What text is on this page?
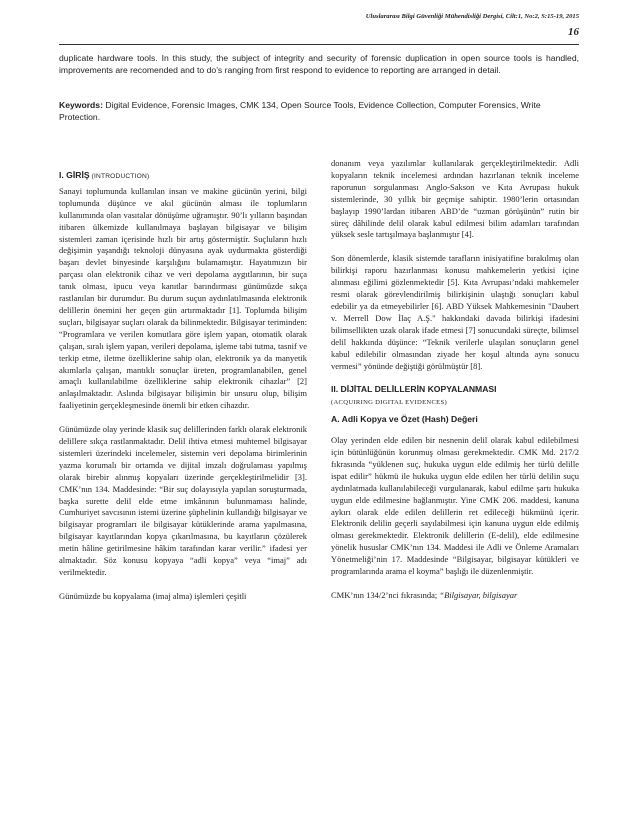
Uluslararası Bilgi Güvenliği Mühendisliği Dergisi, Cilt:1, No:2, S:15-19, 2015
16
duplicate hardware tools. In this study, the subject of integrity and security of forensic duplication in open source tools is handled, improvements are recomended and to do’s ranging from first respond to evidence to reporting are arranged in detail.
Keywords: Digital Evidence, Forensic Images, CMK 134, Open Source Tools, Evidence Collection, Computer Forensics, Write Protection.
I. GİRİŞ (INTRODUCTION)

Sanayi toplumunda kullanılan insan ve makine gücünün yerini, bilgi toplumunda düşünce ve akıl gücünün alması ile toplumların kullanımında olan vasıtalar dönüşüme uğramıştır. 90’lı yılların başından itibaren ülkemizde kullanılmaya başlayan bilgisayar ve bilişim sistemleri zaman içerisinde hızlı bir artış göstermiştir. Suçluların hızlı değişimin yaşandığı teknoloji dünyasına ayak uydurmakta gösterdiği başarı devlet binyesinde karşılığını bulamamıştır. Hayatımızın bir parçası olan elektronik cihaz ve veri depolama aygıtlarının, bir suça tanık olması, ipucu veya kanıtlar barındırması günümüzde sıkça rastlanılan bir durumdur. Bu durum suçun aydınlatılmasında elektronik delillerin önemini her geçen gün artırmaktadır [1]. Toplumda bilişim suçları, bilgisayar suçları olarak da bilinmektedir. Bilgisayar teriminden: “Programlara ve verilen komutlara göre işlem yapan, otomatik olarak çalışan, sıralı işlem yapan, verileri depolama, işleme tabi tutma, tasnif ve terkip etme, iletme özelliklerine sahip olan, elektronik ya da manyetik akımlarla çalışan, mantıklı sonuçlar üreten, programlanabilen, genel amaçlı kullanılabilme özelliklerine sahip elektronik cihazlar” [2] anlaşılmaktadır. Aslında bilgisayar bilişimin bir unsuru olup, bilişim faaliyetinin gerçekleşmesinde önemli bir etken cihazdır.

Günümüzde olay yerinde klasik suç delillerinden farklı olarak elektronik delillere sıkça rastlanmaktadır. Delil ihtiva etmesi muhtemel bilgisayar sistemleri üzerindeki incelemeler, sistemin veri depolama birimlerinin yazma korumalı bir ortamda ve dijital imzalı doğrulaması yapılmış olarak birebir alınmış kopyaları üzerinde gerçekleştirilmelidir [3]. CMK’nın 134. Maddesinde: “Bir suç dolayısıyla yapılan soruşturmada, başka surette delil elde etme imkânının bulunmaması halinde, Cumhuriyet savcısının istemi üzerine şüphelinin kullandığı bilgisayar ve bilgisayar programları ile bilgisayar kütüklerinde arama yapılmasına, bilgisayar kayıtlarından kopya çıkarılmasına, bu kayıtların çözülerek metin hâline getirilmesine hâkim tarafından karar verilir.” ifadesi yer almaktadır. Söz konusu kopyaya “adli kopya” veya “imaj” adı verilmektedir.

Günümüzde bu kopyalama (imaj alma) işlemleri çeşitli

donanım veya yazılımlar kullanılarak gerçekleştirilmektedir. Adli kopyaların teknik incelemesi ardından hazırlanan teknik inceleme raporunun sorgulanması Anglo-Sakson ve Kıta Avrupası hukuk sistemlerinde, 30 yıllık bir geçmişe sahiptir. 1980’lerin ortasından başlayıp 1990’lardan itibaren ABD’de “uzman görüşünün” rutin bir süreç dâhilinde delil olarak kabul edilmesi bilim adamları tarafından yüksek sesle tartışılmaya başlanmıştır [4].

Son dönemlerde, klasik sistemde tarafların inisiyatifine bırakılmış olan bilirkişi raporu hazırlanması konusu mahkemelerin yetkisi içine alınması eğilimi gözlenmektedir [5]. Kıta Avrupası’ndaki mahkemeler resmi olarak görevlendirilmiş bilirkişinin ulaştığı sonuçları kabul edebilir ya da etmeyebilirler [6]. ABD Yüksek Mahkemesinin "Daubert v. Merrell Dow İlaç A.Ş." hakkındaki davada bilirkişi ifadesini bilimsellikten uzak olarak ifade etmesi [7] sonucundaki süreçte, bilimsel delil hakkında düşünce: “Teknik verilerle ulaşılan sonuçların genel kabul edilebilir olmasından ziyade her koşul altında aynı sonucu vermesi” yönünde değiştiği görülmüştür [8].

II. DİJİTAL DELİLLERİN KOPYALANMASI
(ACQUIRING DIGITAL EVIDENCES)
A. Adli Kopya ve Özet (Hash) Değeri

Olay yerinden elde edilen bir nesnenin delil olarak kabul edilebilmesi için bütünlüğünün korunmuş olması gerekmektedir. CMK Md. 217/2 fıkrasında “yüklenen suç, hukuka uygun elde edilmiş her türlü delille ispat edilir” hükmü ile hukuka uygun elde edilen her türlü delilin suçu aydınlatmada kullanılabileceği vurgulanarak, kabul edilme şartı hukuka uygun elde edilmesine bağlanmıştır. Yine CMK 206. maddesi, kanuna aykırı olarak elde edilen delillerin ret edileceği hükmünü içerir. Elektronik delilin geçerli sayılabilmesi için kanuna uygun elde edilmiş olması gerekmektedir. Elektronik delillerin (E-delil), elde edilmesine yönelik hususlar CMK’nın 134. Maddesi ile Adli ve Önleme Aramaları Yönetmeliği’nin 17. Maddesinde “Bilgisayar, bilgisayar kütükleri ve programlarında arama el koyma” başlığı ile düzenlenmiştir.

CMK’nın 134/2’nci fıkrasında; “Bilgisayar, bilgisayar
